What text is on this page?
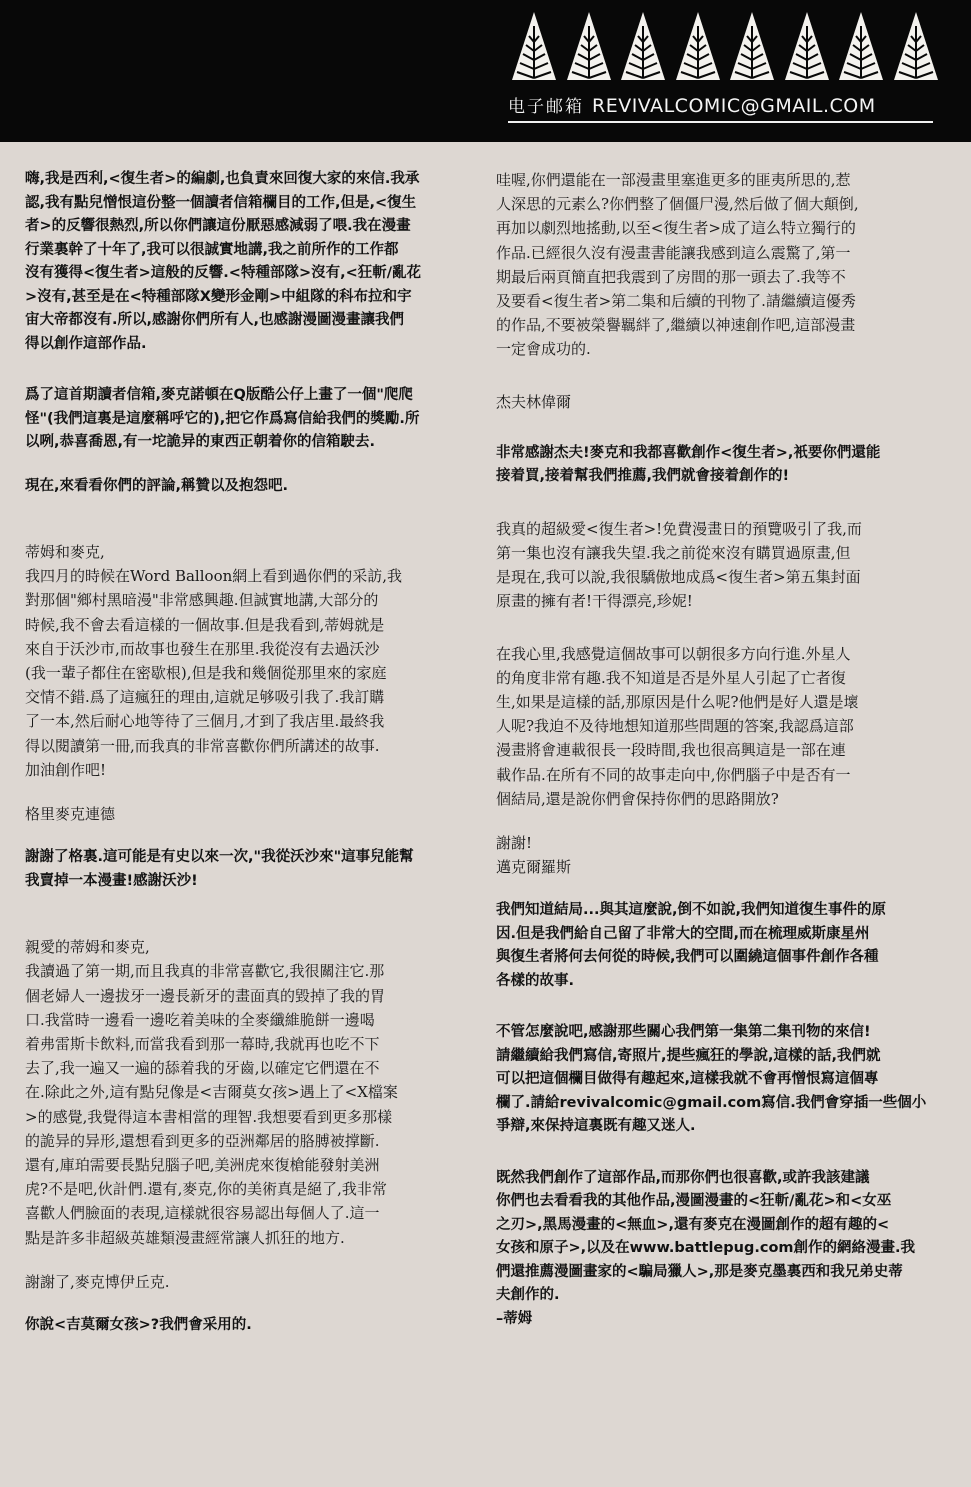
电子邮箱 REVIVALCOMIC@GMAIL.COM

嗨,我是西利,<復生者>的編劇,也負責來回復大家的來信.我承
認,我有點兒憎恨這份整一個讀者信箱欄目的工作,但是,<復生
者>的反響很熱烈,所以你們讓這份厭惡感減弱了喂.我在漫畫
行業裏幹了十年了,我可以很誠實地講,我之前所作的工作都
沒有獲得<復生者>這般的反響.<特種部隊>沒有,<狂斬/亂花
>沒有,甚至是在<特種部隊X變形金剛>中組隊的科布拉和宇
宙大帝都沒有.所以,感謝你們所有人,也感謝漫圖漫畫讓我們
得以創作這部作品.

爲了這首期讀者信箱,麥克諾頓在Q版酷公仔上畫了一個"爬爬
怪"(我們這裏是這麼稱呼它的),把它作爲寫信給我們的獎勵.所
以咧,恭喜喬恩,有一坨詭异的東西正朝着你的信箱駛去.

現在,來看看你們的評論,稱贊以及抱怨吧.

蒂姆和麥克,
我四月的時候在Word Balloon網上看到過你們的采訪,我
對那個"鄉村黑暗漫"非常感興趣.但誠實地講,大部分的
時候,我不會去看這樣的一個故事.但是我看到,蒂姆就是
來自于沃沙市,而故事也發生在那里.我從沒有去過沃沙
(我一輩子都住在密歇根),但是我和幾個從那里來的家庭
交情不錯.爲了這瘋狂的理由,這就足够吸引我了.我訂購
了一本,然后耐心地等待了三個月,才到了我店里.最終我
得以閱讀第一冊,而我真的非常喜歡你們所講述的故事.
加油創作吧!

格里麥克連德

謝謝了格裏.這可能是有史以來一次,"我從沃沙來"這事兒能幫
我賣掉一本漫畫!感謝沃沙!

親愛的蒂姆和麥克,
我讀過了第一期,而且我真的非常喜歡它,我很關注它.那
個老婦人一邊拔牙一邊長新牙的畫面真的毀掉了我的胃
口.我當時一邊看一邊吃着美味的全麥纖維脆餅一邊喝
着弗雷斯卡飲料,而當我看到那一幕時,我就再也吃不下
去了,我一遍又一遍的舔着我的牙齒,以確定它們還在不
在.除此之外,這有點兒像是<吉爾莫女孩>遇上了<X檔案
>的感覺,我覺得這本書相當的理智.我想要看到更多那樣
的詭异的异形,還想看到更多的亞洲鄰居的胳膊被撑斷.
還有,庫珀需要長點兒腦子吧,美洲虎來復槍能發射美洲
虎?不是吧,伙計們.還有,麥克,你的美術真是絕了,我非常
喜歡人們臉面的表現,這樣就很容易認出每個人了.這一
點是許多非超級英雄類漫畫經常讓人抓狂的地方.

謝謝了,麥克博伊丘克.

你說<吉莫爾女孩>?我們會采用的.

哇喔,你們還能在一部漫畫里塞進更多的匪夷所思的,惹
人深思的元素么?你們整了個僵尸漫,然后做了個大顛倒,
再加以劇烈地搖動,以至<復生者>成了這么特立獨行的
作品.已經很久沒有漫畫書能讓我感到這么震驚了,第一
期最后兩頁簡直把我震到了房間的那一頭去了.我等不
及要看<復生者>第二集和后續的刊物了.請繼續這優秀
的作品,不要被榮譽羈絆了,繼續以神速創作吧,這部漫畫
一定會成功的.

杰夫林偉爾

非常感謝杰夫!麥克和我都喜歡創作<復生者>,衹要你們還能
接着買,接着幫我們推薦,我們就會接着創作的!

我真的超級愛<復生者>!免費漫畫日的預覽吸引了我,而
第一集也沒有讓我失望.我之前從來沒有購買過原畫,但
是現在,我可以說,我很驕傲地成爲<復生者>第五集封面
原畫的擁有者!干得漂亮,珍妮!

在我心里,我感覺這個故事可以朝很多方向行進.外星人
的角度非常有趣.我不知道是否是外星人引起了亡者復
生,如果是這樣的話,那原因是什么呢?他們是好人還是壞
人呢?我迫不及待地想知道那些問題的答案,我認爲這部
漫畫將會連載很長一段時間,我也很高興這是一部在連
載作品.在所有不同的故事走向中,你們腦子中是否有一
個結局,還是說你們會保持你們的思路開放?

謝謝!
邁克爾羅斯

我們知道結局...與其這麼說,倒不如說,我們知道復生事件的原
因.但是我們給自己留了非常大的空間,而在梳理威斯康星州
與復生者將何去何從的時候,我們可以圍繞這個事件創作各種
各樣的故事.

不管怎麼說吧,感謝那些關心我們第一集第二集刊物的來信!
請繼續給我們寫信,寄照片,提些瘋狂的學說,這樣的話,我們就
可以把這個欄目做得有趣起來,這樣我就不會再憎恨寫這個專
欄了.請給revivalcomic@gmail.com寫信.我們會穿插一些個小
爭辯,來保持這裏既有趣又迷人.

既然我們創作了這部作品,而那你們也很喜歡,或許我該建議
你們也去看看我的其他作品,漫圖漫畫的<狂斬/亂花>和<女巫
之刃>,黑馬漫畫的<無血>,還有麥克在漫圖創作的超有趣的<
女孩和原子>,以及在www.battlepug.com創作的網絡漫畫.我
們還推薦漫圖畫家的<騙局獵人>,那是麥克墨裏西和我兄弟史蒂
夫創作的.
–蒂姆
